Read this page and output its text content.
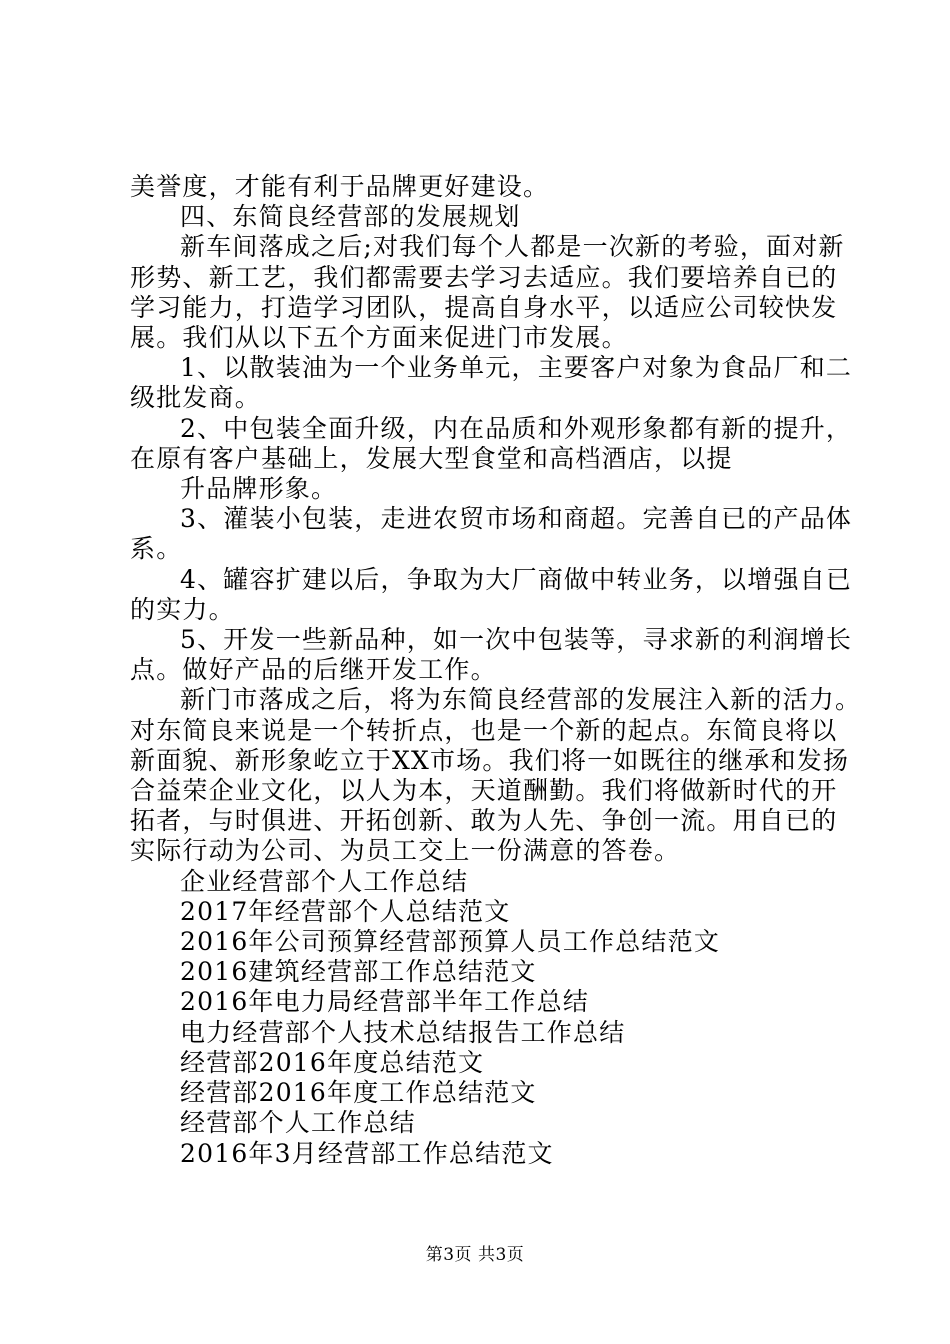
美誉度，才能有利于品牌更好建设。
四、东简良经营部的发展规划
新车间落成之后;对我们每个人都是一次新的考验，面对新
形势、新工艺，我们都需要去学习去适应。我们要培养自已的
学习能力，打造学习团队，提高自身水平，以适应公司较快发
展。我们从以下五个方面来促进门市发展。
1、以散装油为一个业务单元，主要客户对象为食品厂和二
级批发商。
2、中包装全面升级，内在品质和外观形象都有新的提升，
在原有客户基础上，发展大型食堂和高档酒店，以提
升品牌形象。
3、灌装小包装，走进农贸市场和商超。完善自已的产品体
系。
4、罐容扩建以后，争取为大厂商做中转业务，以增强自已
的实力。
5、开发一些新品种，如一次中包装等，寻求新的利润增长
点。做好产品的后继开发工作。
新门市落成之后，将为东简良经营部的发展注入新的活力。
对东简良来说是一个转折点，也是一个新的起点。东简良将以
新面貌、新形象屹立于XX市场。我们将一如既往的继承和发扬
合益荣企业文化，以人为本，天道酬勤。我们将做新时代的开
拓者，与时俱进、开拓创新、敢为人先、争创一流。用自已的
实际行动为公司、为员工交上一份满意的答卷。
企业经营部个人工作总结
2017年经营部个人总结范文
2016年公司预算经营部预算人员工作总结范文
2016建筑经营部工作总结范文
2016年电力局经营部半年工作总结
电力经营部个人技术总结报告工作总结
经营部2016年度总结范文
经营部2016年度工作总结范文
经营部个人工作总结
2016年3月经营部工作总结范文
第3页 共3页
